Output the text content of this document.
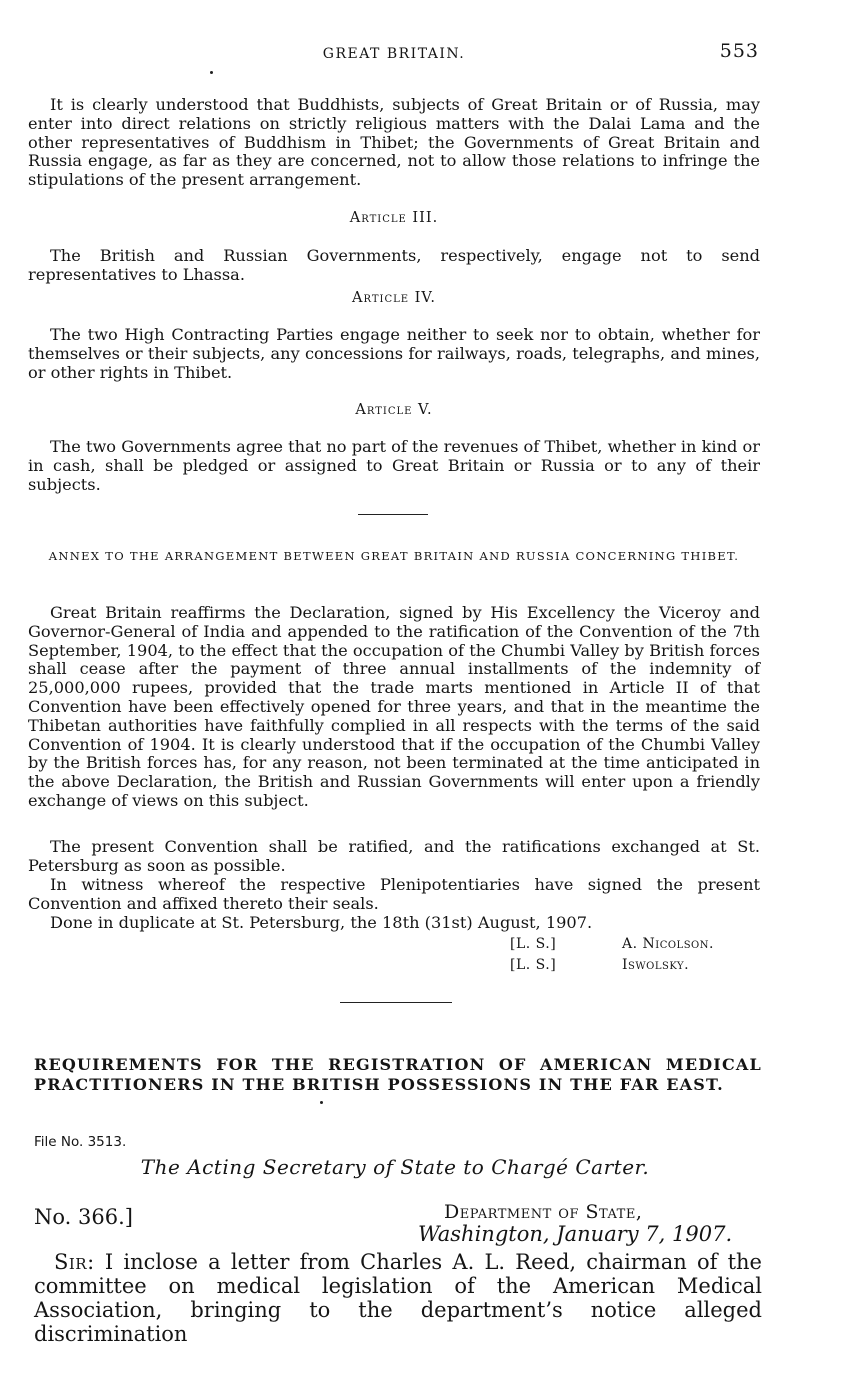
GREAT BRITAIN.	553

It is clearly understood that Buddhists, subjects of Great Britain or of Russia, may enter into direct relations on strictly religious matters with the Dalai Lama and the other representatives of Buddhism in Thibet; the Governments of Great Britain and Russia engage, as far as they are concerned, not to allow those relations to infringe the stipulations of the present arrangement.

Article III.

The British and Russian Governments, respectively, engage not to send representatives to Lhassa.

Article IV.

The two High Contracting Parties engage neither to seek nor to obtain, whether for themselves or their subjects, any concessions for railways, roads, telegraphs, and mines, or other rights in Thibet.

Article V.

The two Governments agree that no part of the revenues of Thibet, whether in kind or in cash, shall be pledged or assigned to Great Britain or Russia or to any of their subjects.

ANNEX TO THE ARRANGEMENT BETWEEN GREAT BRITAIN AND RUSSIA CONCERNING THIBET.

Great Britain reaffirms the Declaration, signed by His Excellency the Viceroy and Governor-General of India and appended to the ratification of the Convention of the 7th September, 1904, to the effect that the occupation of the Chumbi Valley by British forces shall cease after the payment of three annual installments of the indemnity of 25,000,000 rupees, provided that the trade marts mentioned in Article II of that Convention have been effectively opened for three years, and that in the meantime the Thibetan authorities have faithfully complied in all respects with the terms of the said Convention of 1904. It is clearly understood that if the occupation of the Chumbi Valley by the British forces has, for any reason, not been terminated at the time anticipated in the above Declaration, the British and Russian Governments will enter upon a friendly exchange of views on this subject.

The present Convention shall be ratified, and the ratifications exchanged at St. Petersburg as soon as possible.

In witness whereof the respective Plenipotentiaries have signed the present Convention and affixed thereto their seals.

Done in duplicate at St. Petersburg, the 18th (31st) August, 1907.

[L. S.]	A. Nicolson.
[L. S.]	Iswolsky.

REQUIREMENTS FOR THE REGISTRATION OF AMERICAN MEDICAL PRACTITIONERS IN THE BRITISH POSSESSIONS IN THE FAR EAST.

File No. 3513.
The Acting Secretary of State to Chargé Carter.
No. 366.]	Department of State,
Washington, January 7, 1907.

Sir: I inclose a letter from Charles A. L. Reed, chairman of the committee on medical legislation of the American Medical Association, bringing to the department’s notice alleged discrimination
